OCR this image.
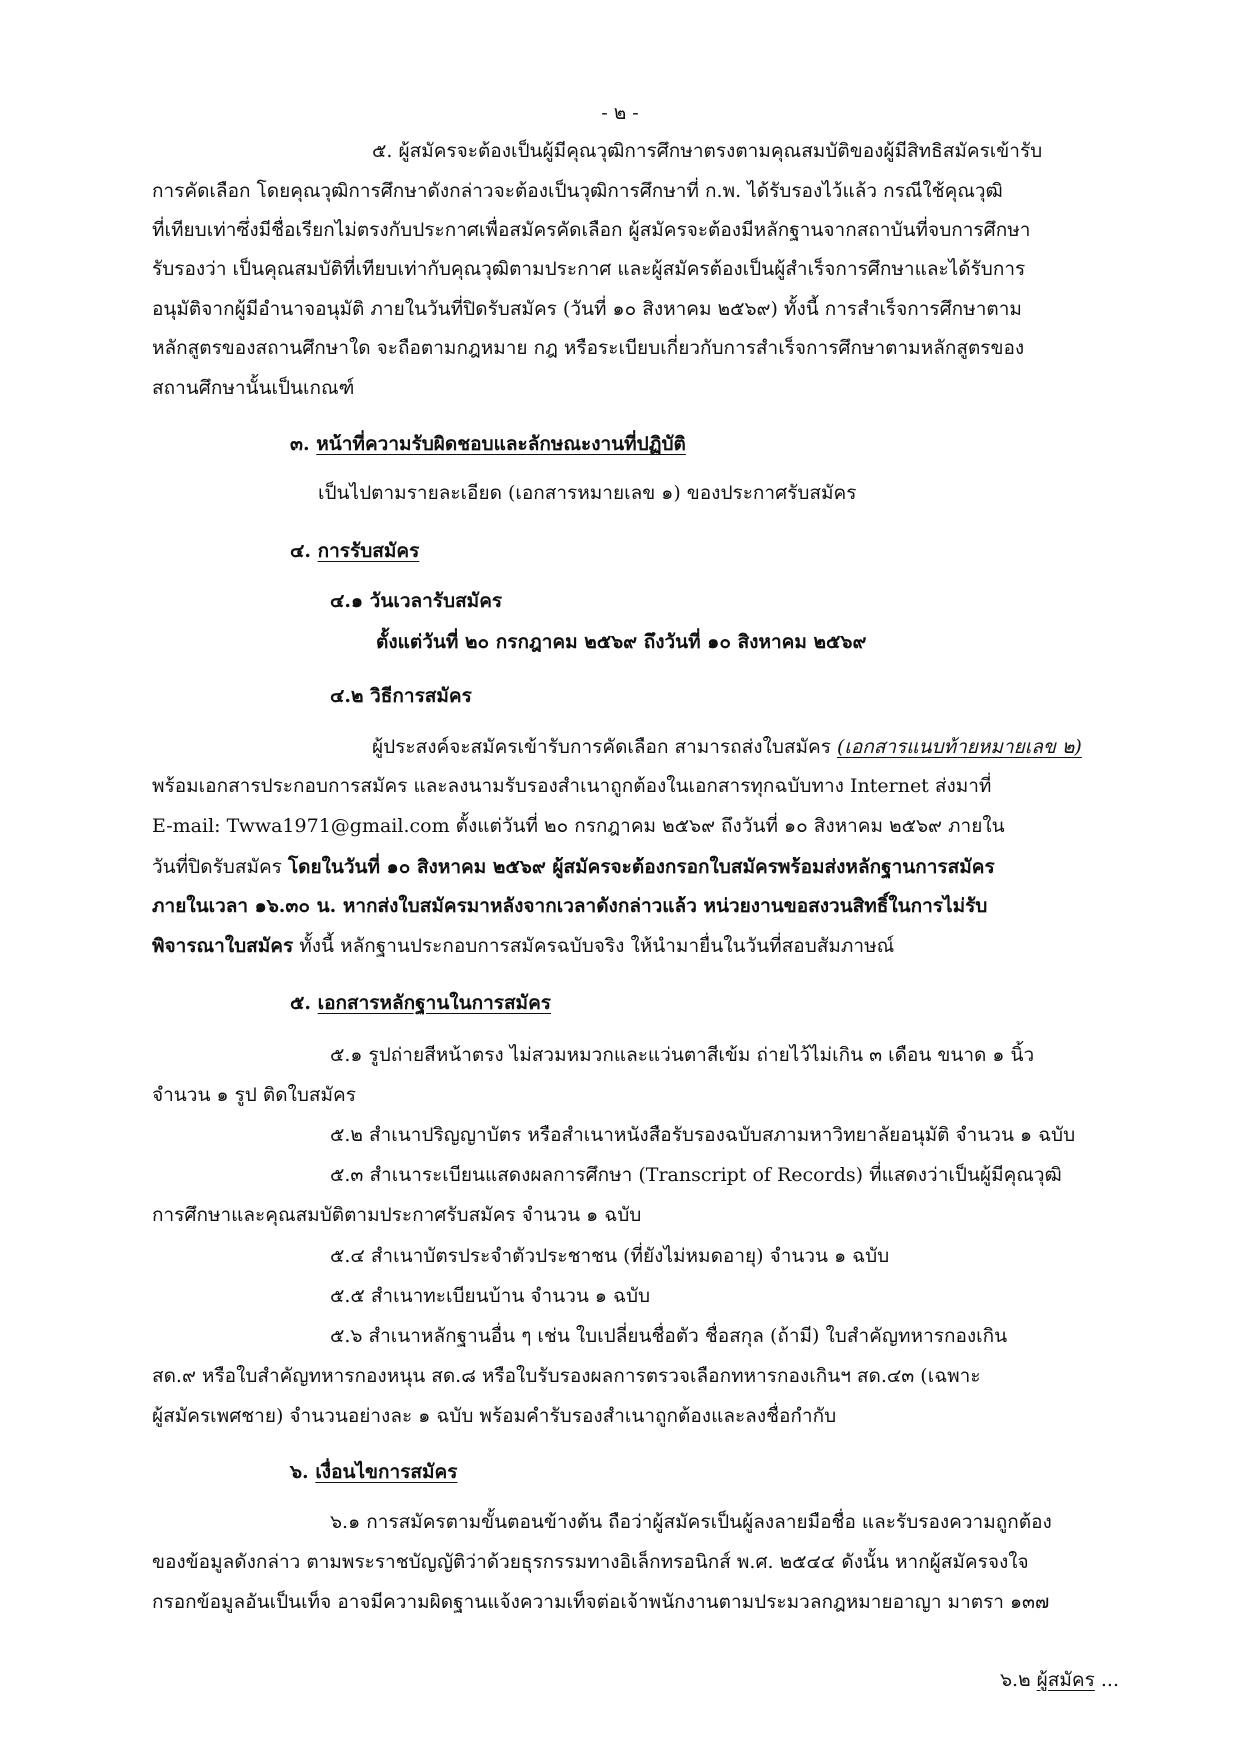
- ๒ -
๕. ผู้สมัครจะต้องเป็นผู้มีคุณวุฒิการศึกษาตรงตามคุณสมบัติของผู้มีสิทธิสมัครเข้ารับ
การคัดเลือก โดยคุณวุฒิการศึกษาดังกล่าวจะต้องเป็นวุฒิการศึกษาที่ ก.พ. ได้รับรองไว้แล้ว กรณีใช้คุณวุฒิ
ที่เทียบเท่าซึ่งมีชื่อเรียกไม่ตรงกับประกาศเพื่อสมัครคัดเลือก ผู้สมัครจะต้องมีหลักฐานจากสถาบันที่จบการศึกษา
รับรองว่า เป็นคุณสมบัติที่เทียบเท่ากับคุณวุฒิตามประกาศ และผู้สมัครต้องเป็นผู้สำเร็จการศึกษาและได้รับการ
อนุมัติจากผู้มีอำนาจอนุมัติ ภายในวันที่ปิดรับสมัคร (วันที่ ๑๐ สิงหาคม ๒๕๖๙) ทั้งนี้ การสำเร็จการศึกษาตาม
หลักสูตรของสถานศึกษาใด จะถือตามกฎหมาย กฎ หรือระเบียบเกี่ยวกับการสำเร็จการศึกษาตามหลักสูตรของ
สถานศึกษานั้นเป็นเกณฑ์
๓. หน้าที่ความรับผิดชอบและลักษณะงานที่ปฏิบัติ
เป็นไปตามรายละเอียด (เอกสารหมายเลข ๑) ของประกาศรับสมัคร
๔. การรับสมัคร
๔.๑ วันเวลารับสมัคร
ตั้งแต่วันที่ ๒๐ กรกฎาคม ๒๕๖๙ ถึงวันที่ ๑๐ สิงหาคม ๒๕๖๙
๔.๒ วิธีการสมัคร
ผู้ประสงค์จะสมัครเข้ารับการคัดเลือก สามารถส่งใบสมัคร (เอกสารแนบท้ายหมายเลข ๒)
พร้อมเอกสารประกอบการสมัคร และลงนามรับรองสำเนาถูกต้องในเอกสารทุกฉบับทาง Internet ส่งมาที่
E-mail: Twwa1971@gmail.com ตั้งแต่วันที่ ๒๐ กรกฎาคม ๒๕๖๙ ถึงวันที่ ๑๐ สิงหาคม ๒๕๖๙ ภายใน
วันที่ปิดรับสมัคร โดยในวันที่ ๑๐ สิงหาคม ๒๕๖๙ ผู้สมัครจะต้องกรอกใบสมัครพร้อมส่งหลักฐานการสมัคร
ภายในเวลา ๑๖.๓๐ น. หากส่งใบสมัครมาหลังจากเวลาดังกล่าวแล้ว หน่วยงานขอสงวนสิทธิ์ในการไม่รับ
พิจารณาใบสมัคร ทั้งนี้ หลักฐานประกอบการสมัครฉบับจริง ให้นำมายื่นในวันที่สอบสัมภาษณ์
๕. เอกสารหลักฐานในการสมัคร
๕.๑ รูปถ่ายสีหน้าตรง ไม่สวมหมวกและแว่นตาสีเข้ม ถ่ายไว้ไม่เกิน ๓ เดือน ขนาด ๑ นิ้ว
จำนวน ๑ รูป ติดใบสมัคร
๕.๒ สำเนาปริญญาบัตร หรือสำเนาหนังสือรับรองฉบับสภามหาวิทยาลัยอนุมัติ จำนวน ๑ ฉบับ
๕.๓ สำเนาระเบียนแสดงผลการศึกษา (Transcript of Records) ที่แสดงว่าเป็นผู้มีคุณวุฒิ
การศึกษาและคุณสมบัติตามประกาศรับสมัคร จำนวน ๑ ฉบับ
๕.๔ สำเนาบัตรประจำตัวประชาชน (ที่ยังไม่หมดอายุ) จำนวน ๑ ฉบับ
๕.๕ สำเนาทะเบียนบ้าน จำนวน ๑ ฉบับ
๕.๖ สำเนาหลักฐานอื่น ๆ เช่น ใบเปลี่ยนชื่อตัว ชื่อสกุล (ถ้ามี) ใบสำคัญทหารกองเกิน
สด.๙ หรือใบสำคัญทหารกองหนุน สด.๘ หรือใบรับรองผลการตรวจเลือกทหารกองเกินฯ สด.๔๓ (เฉพาะ
ผู้สมัครเพศชาย) จำนวนอย่างละ ๑ ฉบับ พร้อมคำรับรองสำเนาถูกต้องและลงชื่อกำกับ
๖. เงื่อนไขการสมัคร
๖.๑ การสมัครตามขั้นตอนข้างต้น ถือว่าผู้สมัครเป็นผู้ลงลายมือชื่อ และรับรองความถูกต้อง
ของข้อมูลดังกล่าว ตามพระราชบัญญัติว่าด้วยธุรกรรมทางอิเล็กทรอนิกส์ พ.ศ. ๒๕๔๔ ดังนั้น หากผู้สมัครจงใจ
กรอกข้อมูลอันเป็นเท็จ อาจมีความผิดฐานแจ้งความเท็จต่อเจ้าพนักงานตามประมวลกฎหมายอาญา มาตรา ๑๓๗
๖.๒ ผู้สมัคร ...
